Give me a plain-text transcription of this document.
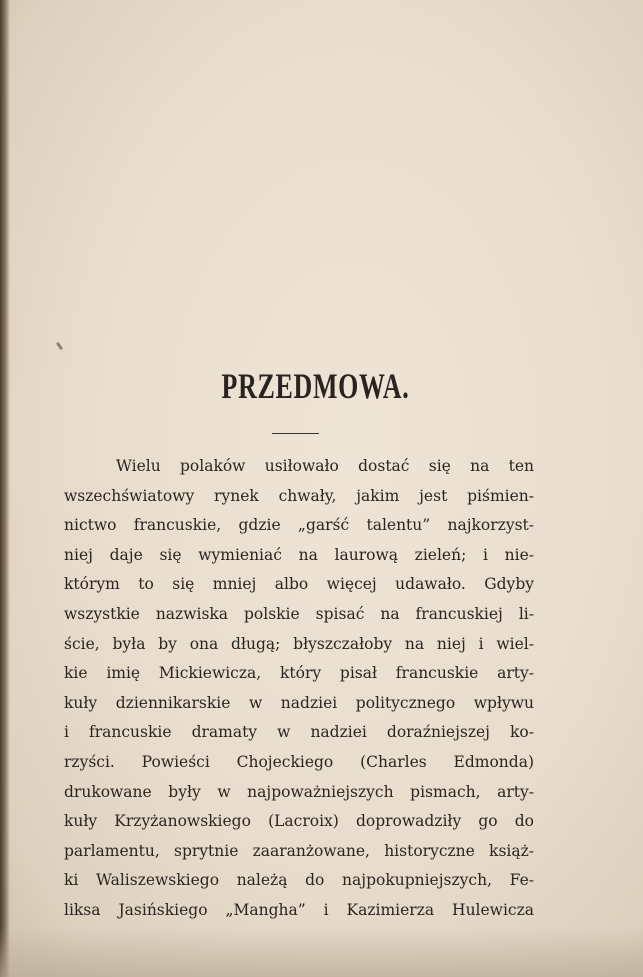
PRZEDMOWA.
Wielu polaków usiłowało dostać się na ten
wszechświatowy rynek chwały, jakim jest piśmien-
nictwo francuskie, gdzie „garść talentu” najkorzyst-
niej daje się wymieniać na laurową zieleń; i nie-
którym to się mniej albo więcej udawało. Gdyby
wszystkie nazwiska polskie spisać na francuskiej li-
ście, była by ona długą; błyszczałoby na niej i wiel-
kie imię Mickiewicza, który pisał francuskie arty-
kuły dziennikarskie w nadziei politycznego wpływu
i francuskie dramaty w nadziei doraźniejszej ko-
rzyści. Powieści Chojeckiego (Charles Edmonda)
drukowane były w najpoważniejszych pismach, arty-
kuły Krzyżanowskiego (Lacroix) doprowadziły go do
parlamentu, sprytnie zaaranżowane, historyczne książ-
ki Waliszewskiego należą do najpokupniejszych, Fe-
liksa Jasińskiego „Mangha” i Kazimierza Hulewicza
